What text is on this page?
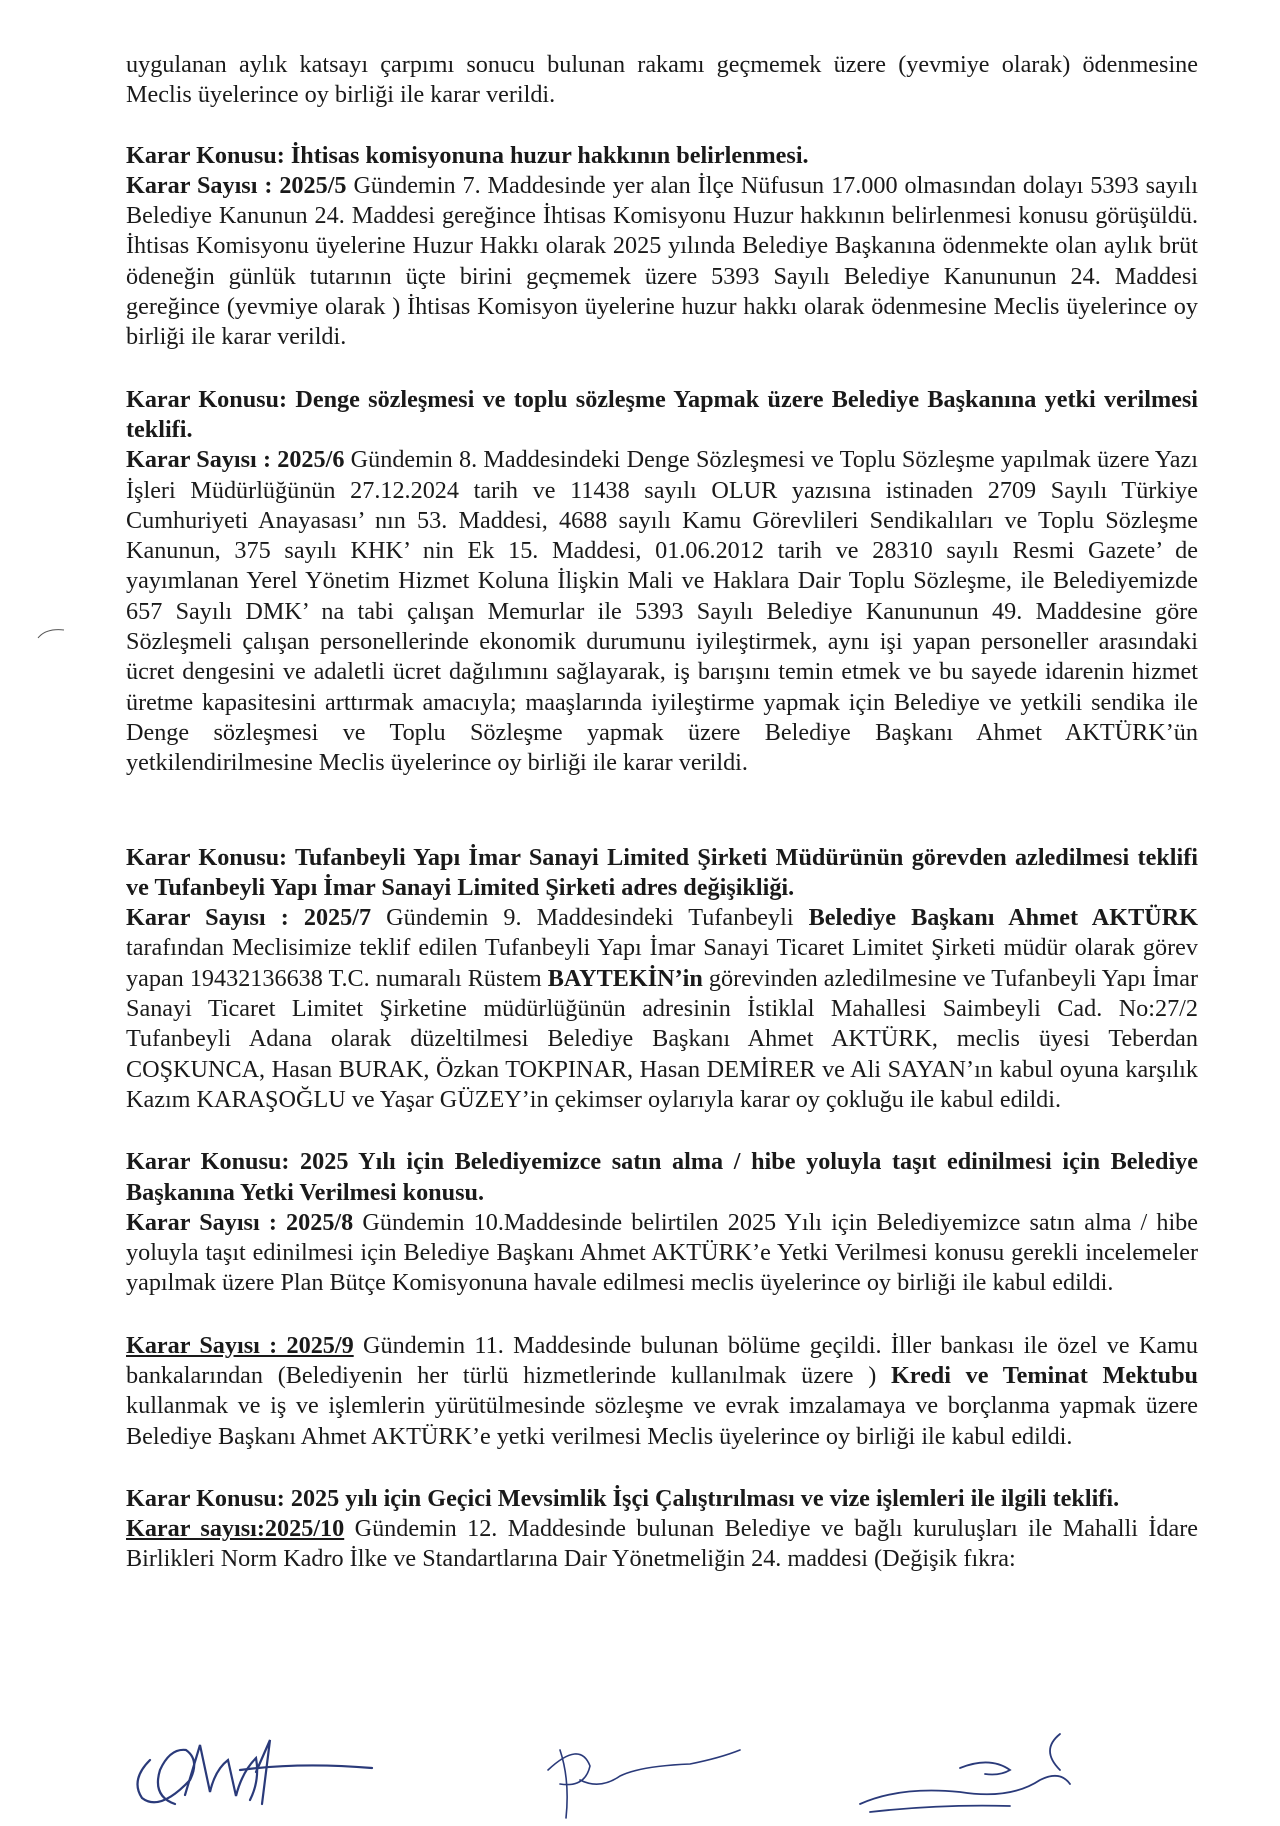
uygulanan aylık katsayı çarpımı sonucu bulunan rakamı geçmemek üzere (yevmiye olarak) ödenmesine Meclis üyelerince oy birliği ile karar verildi.

Karar Konusu: İhtisas komisyonuna huzur hakkının belirlenmesi.

Karar Sayısı : 2025/5 Gündemin 7. Maddesinde yer alan İlçe Nüfusun 17.000 olmasından dolayı 5393 sayılı Belediye Kanunun 24. Maddesi gereğince İhtisas Komisyonu Huzur hakkının belirlenmesi konusu görüşüldü. İhtisas Komisyonu üyelerine Huzur Hakkı olarak 2025 yılında Belediye Başkanına ödenmekte olan aylık brüt ödeneğin günlük tutarının üçte birini geçmemek üzere 5393 Sayılı Belediye Kanununun 24. Maddesi gereğince (yevmiye olarak ) İhtisas Komisyon üyelerine huzur hakkı olarak ödenmesine Meclis üyelerince oy birliği ile karar verildi.

Karar Konusu: Denge sözleşmesi ve toplu sözleşme Yapmak üzere Belediye Başkanına yetki verilmesi teklifi.

Karar Sayısı : 2025/6 Gündemin 8. Maddesindeki Denge Sözleşmesi ve Toplu Sözleşme yapılmak üzere Yazı İşleri Müdürlüğünün 27.12.2024 tarih ve 11438 sayılı OLUR yazısına istinaden 2709 Sayılı Türkiye Cumhuriyeti Anayasası’ nın 53. Maddesi, 4688 sayılı Kamu Görevlileri Sendikalıları ve Toplu Sözleşme Kanunun, 375 sayılı KHK’ nin Ek 15. Maddesi, 01.06.2012 tarih ve 28310 sayılı Resmi Gazete’ de yayımlanan Yerel Yönetim Hizmet Koluna İlişkin Mali ve Haklara Dair Toplu Sözleşme, ile Belediyemizde 657 Sayılı DMK’ na tabi çalışan Memurlar ile 5393 Sayılı Belediye Kanununun 49. Maddesine göre Sözleşmeli çalışan personellerinde ekonomik durumunu iyileştirmek, aynı işi yapan personeller arasındaki ücret dengesini ve adaletli ücret dağılımını sağlayarak, iş barışını temin etmek ve bu sayede idarenin hizmet üretme kapasitesini arttırmak amacıyla; maaşlarında iyileştirme yapmak için Belediye ve yetkili sendika ile Denge sözleşmesi ve Toplu Sözleşme yapmak üzere Belediye Başkanı Ahmet AKTÜRK’ün yetkilendirilmesine Meclis üyelerince oy birliği ile karar verildi.

Karar Konusu: Tufanbeyli Yapı İmar Sanayi Limited Şirketi Müdürünün görevden azledilmesi teklifi ve Tufanbeyli Yapı İmar Sanayi Limited Şirketi adres değişikliği.

Karar Sayısı : 2025/7 Gündemin 9. Maddesindeki Tufanbeyli Belediye Başkanı Ahmet AKTÜRK tarafından Meclisimize teklif edilen Tufanbeyli Yapı İmar Sanayi Ticaret Limitet Şirketi müdür olarak görev yapan 19432136638 T.C. numaralı Rüstem BAYTEKİN’in görevinden azledilmesine ve Tufanbeyli Yapı İmar Sanayi Ticaret Limitet Şirketine müdürlüğünün adresinin İstiklal Mahallesi Saimbeyli Cad. No:27/2 Tufanbeyli Adana olarak düzeltilmesi Belediye Başkanı Ahmet AKTÜRK, meclis üyesi Teberdan COŞKUNCA, Hasan BURAK, Özkan TOKPINAR, Hasan DEMİRER ve Ali SAYAN’ın kabul oyuna karşılık Kazım KARAŞOĞLU ve Yaşar GÜZEY’in çekimser oylarıyla karar oy çokluğu ile kabul edildi.

Karar Konusu: 2025 Yılı için Belediyemizce satın alma / hibe yoluyla taşıt edinilmesi için Belediye Başkanına Yetki Verilmesi konusu.

Karar Sayısı : 2025/8 Gündemin 10.Maddesinde belirtilen 2025 Yılı için Belediyemizce satın alma / hibe yoluyla taşıt edinilmesi için Belediye Başkanı Ahmet AKTÜRK’e Yetki Verilmesi konusu gerekli incelemeler yapılmak üzere Plan Bütçe Komisyonuna havale edilmesi meclis üyelerince oy birliği ile kabul edildi.

Karar Sayısı : 2025/9 Gündemin 11. Maddesinde bulunan bölüme geçildi. İller bankası ile özel ve Kamu bankalarından (Belediyenin her türlü hizmetlerinde kullanılmak üzere ) Kredi ve Teminat Mektubu kullanmak ve iş ve işlemlerin yürütülmesinde sözleşme ve evrak imzalamaya ve borçlanma yapmak üzere Belediye Başkanı Ahmet AKTÜRK’e yetki verilmesi Meclis üyelerince oy birliği ile kabul edildi.

Karar Konusu: 2025 yılı için Geçici Mevsimlik İşçi Çalıştırılması ve vize işlemleri ile ilgili teklifi.

Karar sayısı:2025/10 Gündemin 12. Maddesinde bulunan Belediye ve bağlı kuruluşları ile Mahalli İdare Birlikleri Norm Kadro İlke ve Standartlarına Dair Yönetmeliğin 24. maddesi (Değişik fıkra:
